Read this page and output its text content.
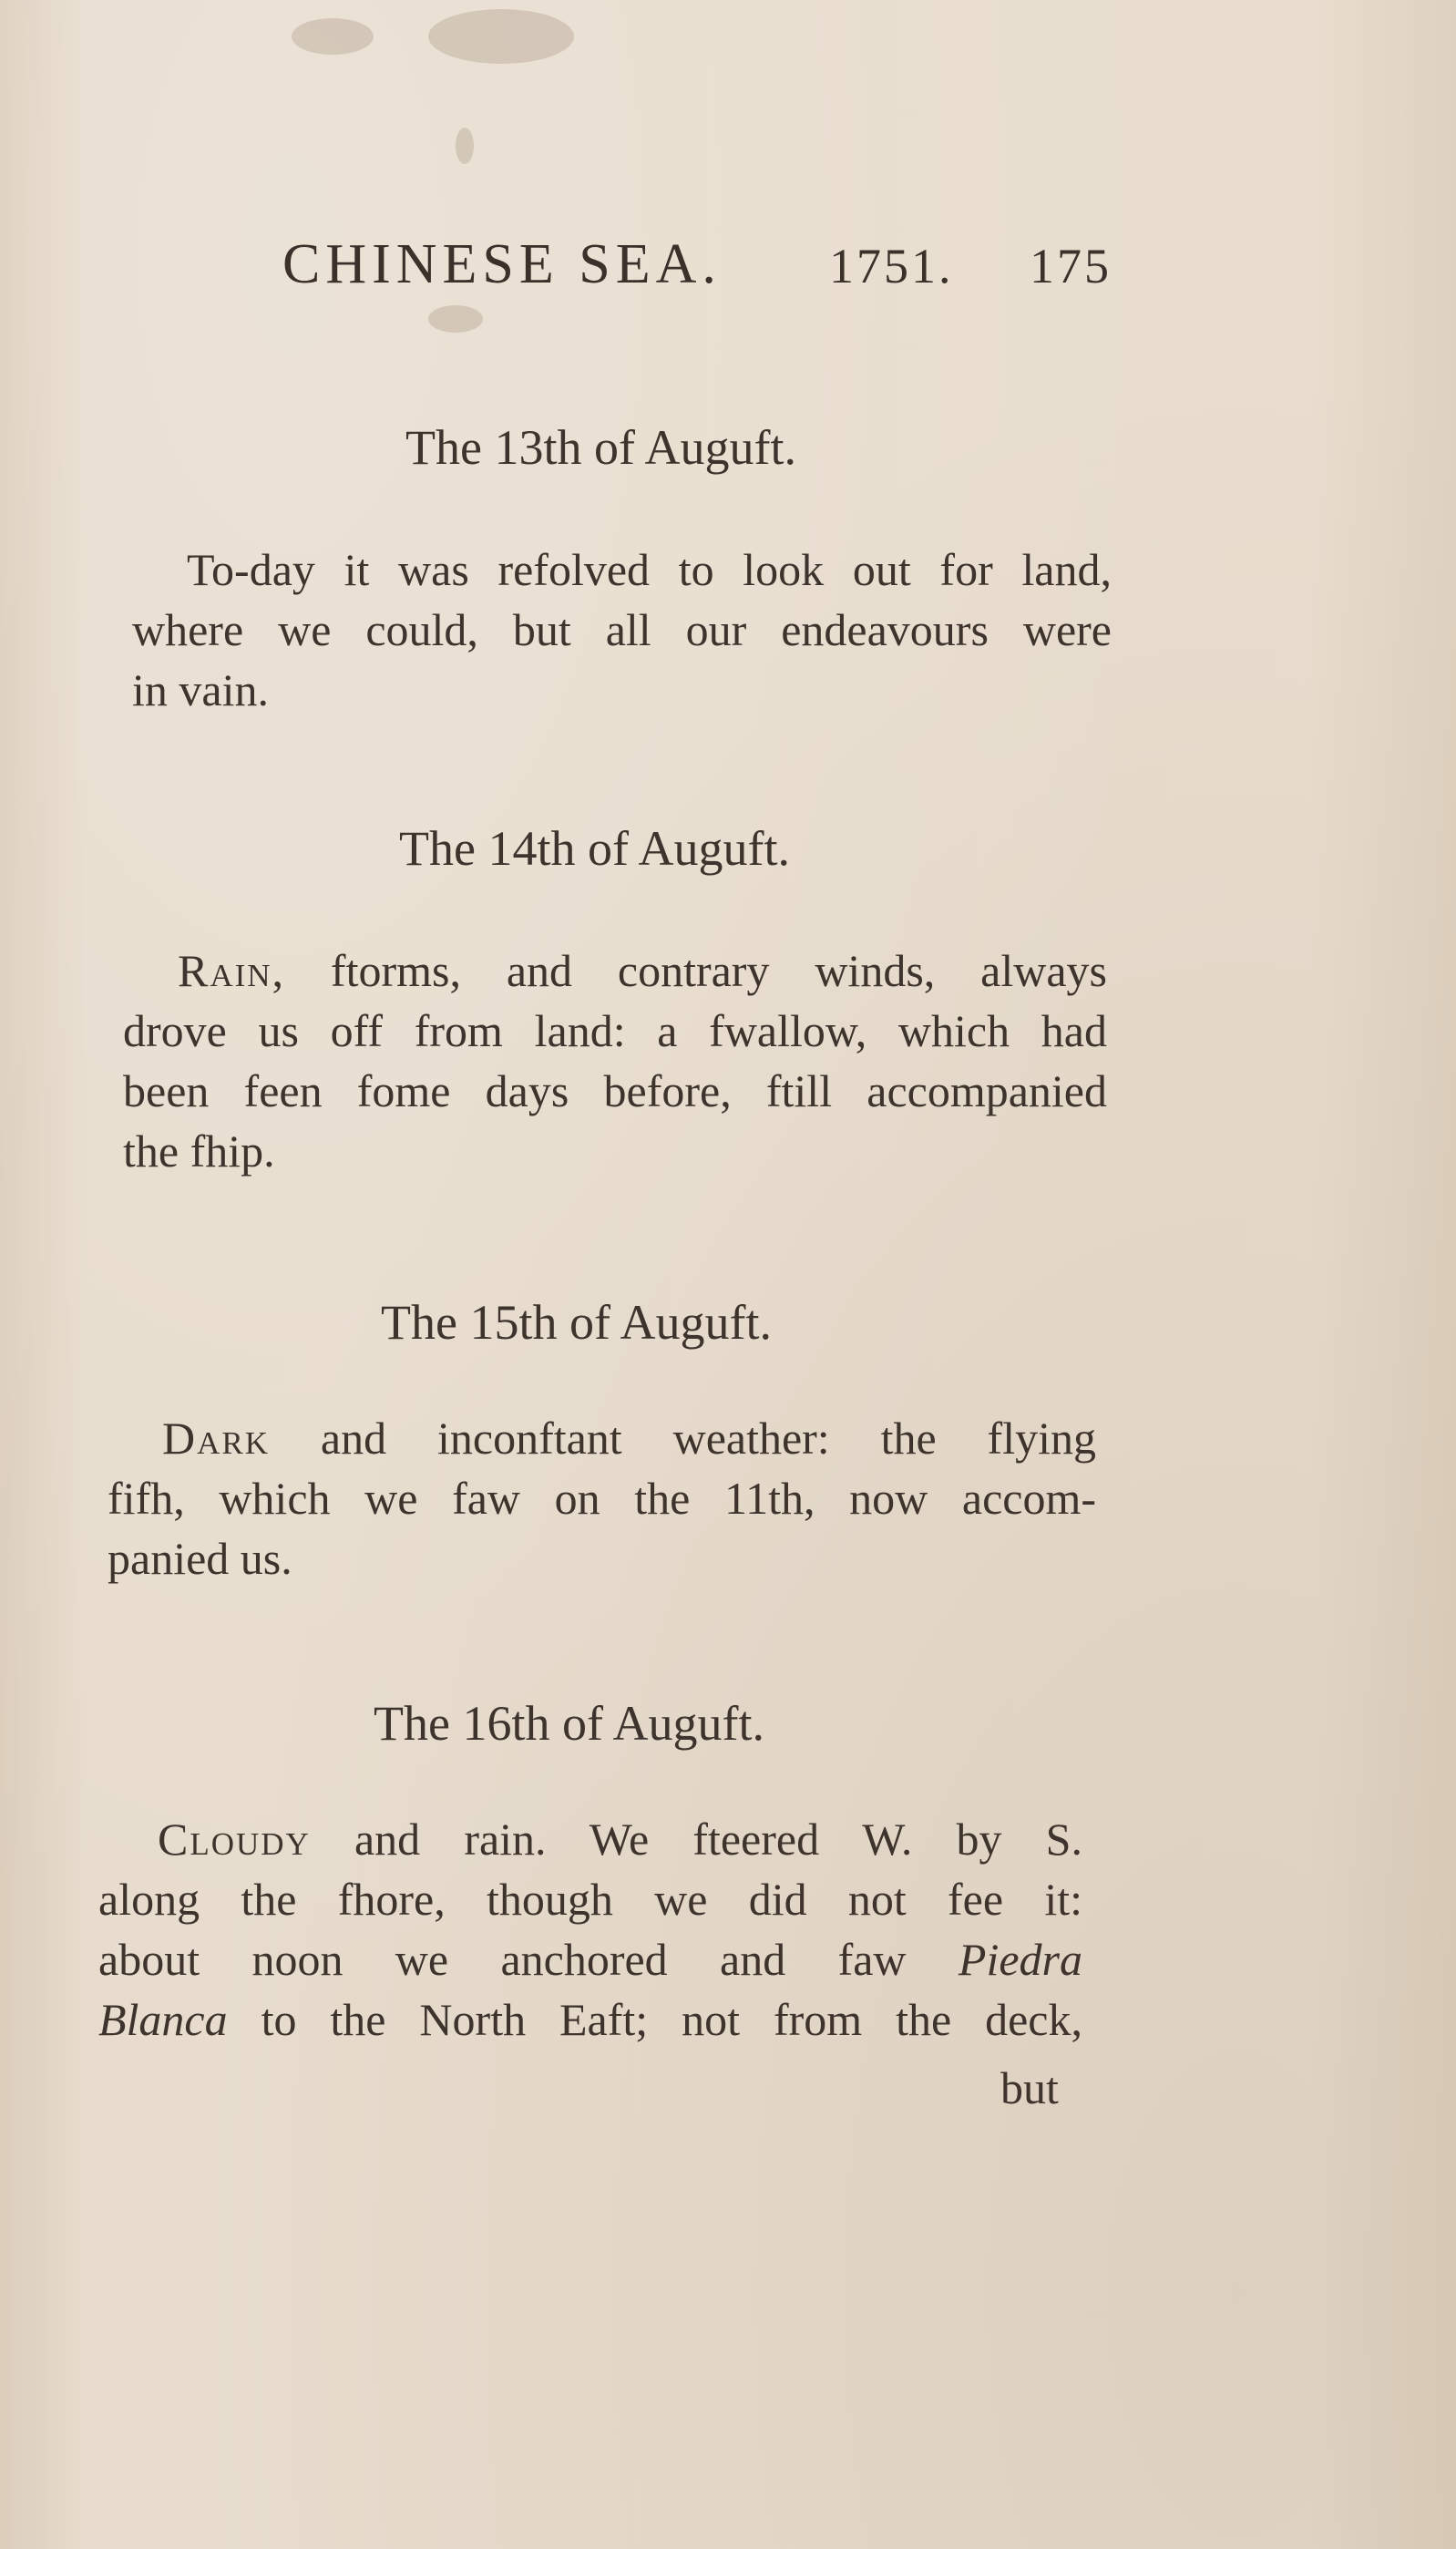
CHINESE SEA. 1751. 175
The 13th of Auguft.
To-day it was refolved to look out for land,
where we could, but all our endeavours were
in vain.
The 14th of Auguft.
Rain, ftorms, and contrary winds, always
drove us off from land: a fwallow, which had
been feen fome days before, ftill accompanied
the fhip.
The 15th of Auguft.
Dark and inconftant weather: the flying
fifh, which we faw on the 11th, now accom-
panied us.
The 16th of Auguft.
Cloudy and rain. We fteered W. by S.
along the fhore, though we did not fee it:
about noon we anchored and faw Piedra
Blanca to the North Eaft; not from the deck,
but
